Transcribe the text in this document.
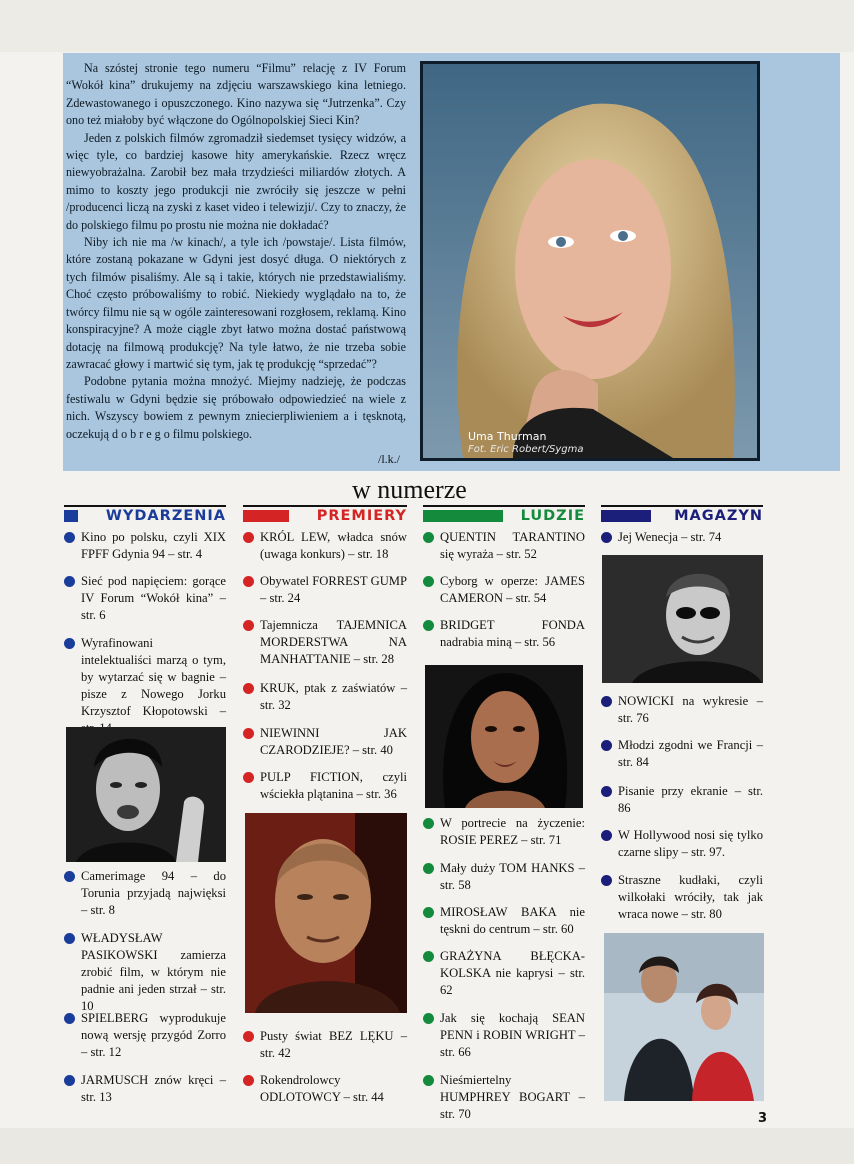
Na szóstej stronie tego numeru “Filmu” relację z IV Forum “Wokół kina” drukujemy na zdjęciu warszawskiego kina letniego. Zdewastowanego i opuszczonego. Kino nazywa się “Jutrzenka”. Czy ono też miałoby być włączone do Ogólnopolskiej Sieci Kin?

Jeden z polskich filmów zgromadził siedemset tysięcy widzów, a więc tyle, co bardziej kasowe hity amerykańskie. Rzecz wręcz niewyobrażalna. Zarobił bez mała trzydzieści miliardów złotych. A mimo to koszty jego produkcji nie zwróciły się jeszcze w pełni /producenci liczą na zyski z kaset video i telewizji/. Czy to znaczy, że do polskiego filmu po prostu nie można nie dokładać?

Niby ich nie ma /w kinach/, a tyle ich /powstaje/. Lista filmów, które zostaną pokazane w Gdyni jest dosyć długa. O niektórych z tych filmów pisaliśmy. Ale są i takie, których nie przedstawialiśmy. Choć często próbowaliśmy to robić. Niekiedy wyglądało na to, że twórcy filmu nie są w ogóle zainteresowani rozgłosem, reklamą. Kino konspiracyjne? A może ciągle zbyt łatwo można dostać państwową dotację na filmową produkcję? Na tyle łatwo, że nie trzeba sobie zawracać głowy i martwić się tym, jak tę produkcję “sprzedać”?

Podobne pytania można mnożyć. Miejmy nadzieję, że podczas festiwalu w Gdyni będzie się próbowało odpowiedzieć na wiele z nich. Wszyscy bowiem z pewnym zniecierpliwieniem a i tęsknotą, oczekują d o b r e g o filmu polskiego.

/l.k./
Uma Thurman
Fot. Eric Robert/Sygma
w numerze
WYDARZENIA
Kino po polsku, czyli XIX FPFF Gdynia 94 – str. 4
Sieć pod napięciem: gorące IV Forum “Wokół kina” – str. 6
Wyrafinowani intelektualiści marzą o tym, by wytarzać się w bagnie – pisze z Nowego Jorku Krzysztof Kłopotowski –
Camerimage 94 – do Torunia przyjadą najwięksi – str. 8
WŁADYSŁAW PASIKOWSKI zamierza zrobić film, w którym nie padnie ani jeden strzał – str. 10
SPIELBERG wyprodukuje nową wersję przygód Zorro – str. 12
JARMUSCH znów kręci – str. 13
PREMIERY
KRÓL LEW, władca snów (uwaga konkurs) – str. 18
Obywatel FORREST GUMP – str. 24
Tajemnicza TAJEMNICA MORDERSTWA NA MANHATTANIE – str. 28
KRUK, ptak z zaświatów – str. 32
NIEWINNI JAK CZARODZIEJE? – str. 40
PULP FICTION, czyli wściekła plątanina – str. 36
Pusty świat BEZ LĘKU – str. 42
Rokendrolowcy ODLOTOWCY – str. 44
LUDZIE
QUENTIN TARANTINO się wyraża – str. 52
Cyborg w operze: JAMES CAMERON – str. 54
BRIDGET FONDA nadrabia miną – str. 56
W portrecie na życzenie: ROSIE PEREZ – str. 71
Mały duży TOM HANKS – str. 58
MIROSŁAW BAKA nie tęskni do centrum – str. 60
GRAŻYNA BŁĘCKA-KOLSKA nie kaprysi – str. 62
Jak się kochają SEAN PENN i ROBIN WRIGHT – str. 66
Nieśmiertelny HUMPHREY BOGART – str. 70
MAGAZYN
Jej Wenecja – str. 74
NOWICKI na wykresie – str. 76
Młodzi zgodni we Francji – str. 84
Pisanie przy ekranie – str. 86
W Hollywood nosi się tylko czarne slipy – str. 97.
Straszne kudłaki, czyli wilkołaki wróciły, tak jak wraca nowe – str. 80
3
